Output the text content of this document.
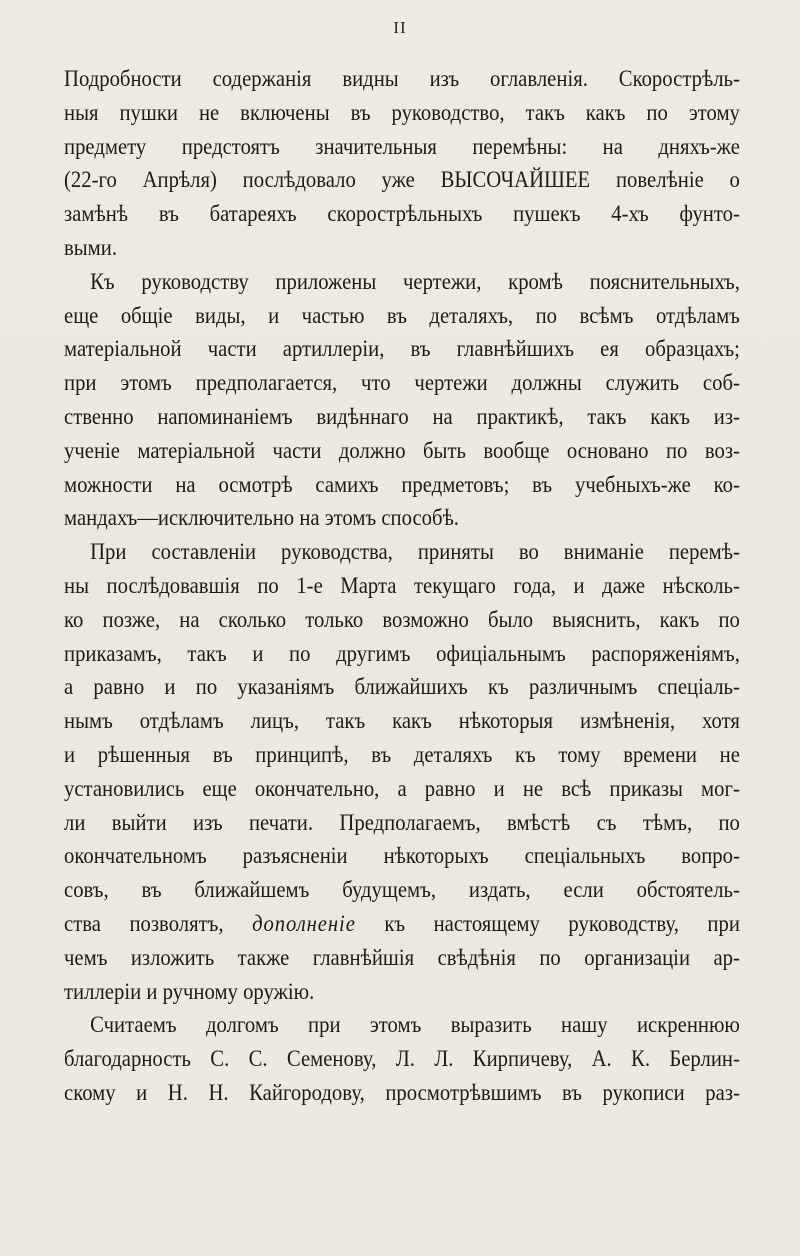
II
Подробности содержанія видны изъ оглавленія. Скорострѣль-
ныя пушки не включены въ руководство, такъ какъ по этому
предмету предстоятъ значительныя перемѣны: на дняхъ-же
(22-го Апрѣля) послѣдовало уже ВЫСОЧАЙШЕЕ повелѣніе о
замѣнѣ въ батареяхъ скорострѣльныхъ пушекъ 4-хъ фунто-
выми.
Къ руководству приложены чертежи, кромѣ пояснительныхъ,
еще общіе виды, и частью въ деталяхъ, по всѣмъ отдѣламъ
матеріальной части артиллеріи, въ главнѣйшихъ ея образцахъ;
при этомъ предполагается, что чертежи должны служить соб-
ственно напоминаніемъ видѣннаго на практикѣ, такъ какъ из-
ученіе матеріальной части должно быть вообще основано по воз-
можности на осмотрѣ самихъ предметовъ; въ учебныхъ-же ко-
мандахъ—исключительно на этомъ способѣ.
При составленіи руководства, приняты во вниманіе перемѣ-
ны послѣдовавшія по 1-е Марта текущаго года, и даже нѣсколь-
ко позже, на сколько только возможно было выяснить, какъ по
приказамъ, такъ и по другимъ офиціальнымъ распоряженіямъ,
а равно и по указаніямъ ближайшихъ къ различнымъ спеціаль-
нымъ отдѣламъ лицъ, такъ какъ нѣкоторыя измѣненія, хотя
и рѣшенныя въ принципѣ, въ деталяхъ къ тому времени не
установились еще окончательно, а равно и не всѣ приказы мог-
ли выйти изъ печати. Предполагаемъ, вмѣстѣ съ тѣмъ, по
окончательномъ разъясненіи нѣкоторыхъ спеціальныхъ вопро-
совъ, въ ближайшемъ будущемъ, издать, если обстоятель-
ства позволятъ, дополненіе къ настоящему руководству, при
чемъ изложить также главнѣйшія свѣдѣнія по организаціи ар-
тиллеріи и ручному оружію.
Считаемъ долгомъ при этомъ выразить нашу искреннюю
благодарность С. С. Семенову, Л. Л. Кирпичеву, А. К. Берлин-
скому и Н. Н. Кайгородову, просмотрѣвшимъ въ рукописи раз-
